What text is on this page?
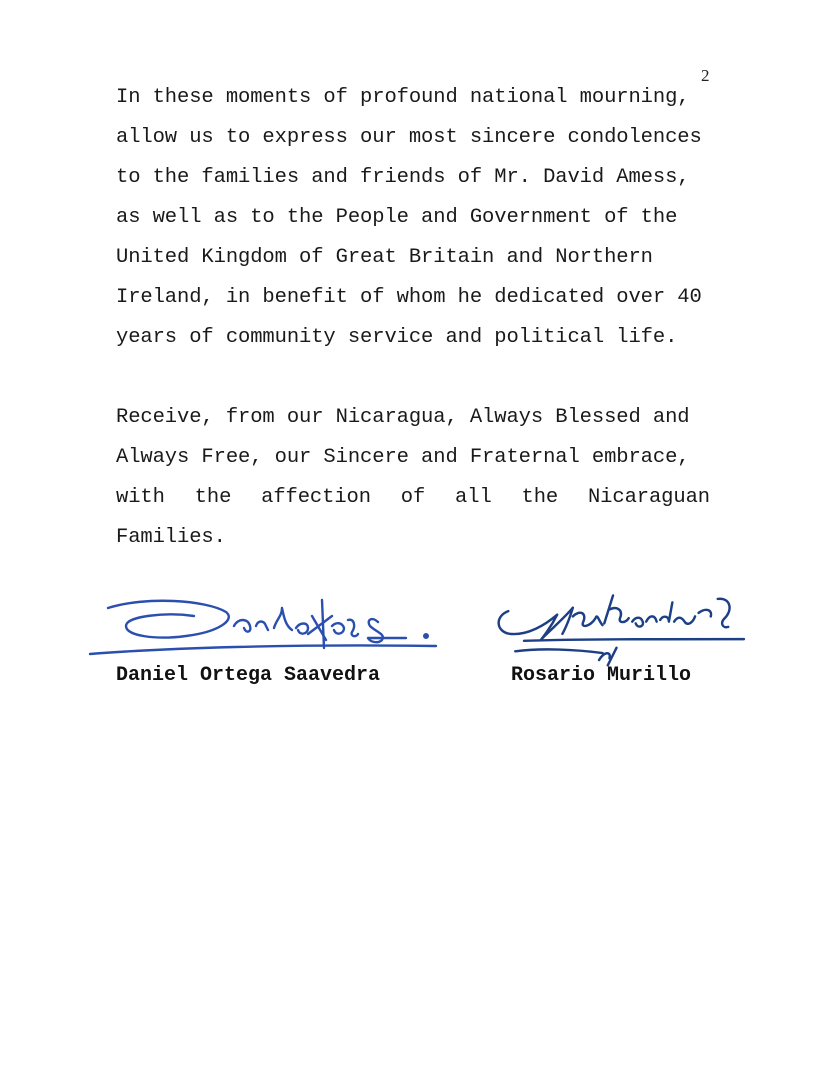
2
In these moments of profound national mourning,
allow us to express our most sincere condolences
to the families and friends of Mr. David Amess,
as well as to the People and Government of the
United Kingdom of Great Britain and Northern
Ireland, in benefit of whom he dedicated over 40
years of community service and political life.
Receive, from our Nicaragua, Always Blessed and
Always Free, our Sincere and Fraternal embrace,
with the affection of all the Nicaraguan
Families.
Daniel Ortega Saavedra	Rosario Murillo
